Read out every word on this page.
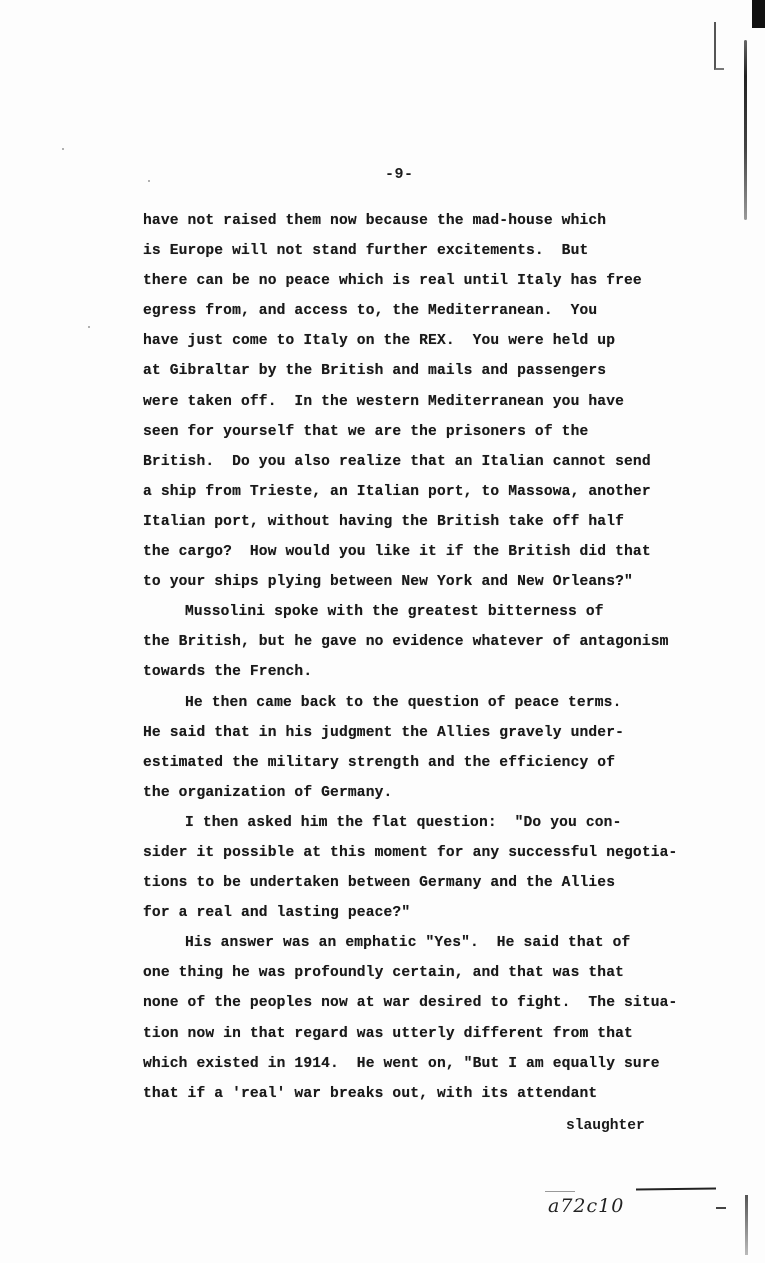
-9-
have not raised them now because the mad-house which
is Europe will not stand further excitements.  But
there can be no peace which is real until Italy has free
egress from, and access to, the Mediterranean.  You
have just come to Italy on the REX.  You were held up
at Gibraltar by the British and mails and passengers
were taken off.  In the western Mediterranean you have
seen for yourself that we are the prisoners of the
British.  Do you also realize that an Italian cannot send
a ship from Trieste, an Italian port, to Massowa, another
Italian port, without having the British take off half
the cargo?  How would you like it if the British did that
to your ships plying between New York and New Orleans?"
Mussolini spoke with the greatest bitterness of
the British, but he gave no evidence whatever of antagonism
towards the French.
He then came back to the question of peace terms.
He said that in his judgment the Allies gravely under-
estimated the military strength and the efficiency of
the organization of Germany.
I then asked him the flat question:  "Do you con-
sider it possible at this moment for any successful negotia-
tions to be undertaken between Germany and the Allies
for a real and lasting peace?"
His answer was an emphatic "Yes".  He said that of
one thing he was profoundly certain, and that was that
none of the peoples now at war desired to fight.  The situa-
tion now in that regard was utterly different from that
which existed in 1914.  He went on, "But I am equally sure
that if a 'real' war breaks out, with its attendant
slaughter
a72c10
